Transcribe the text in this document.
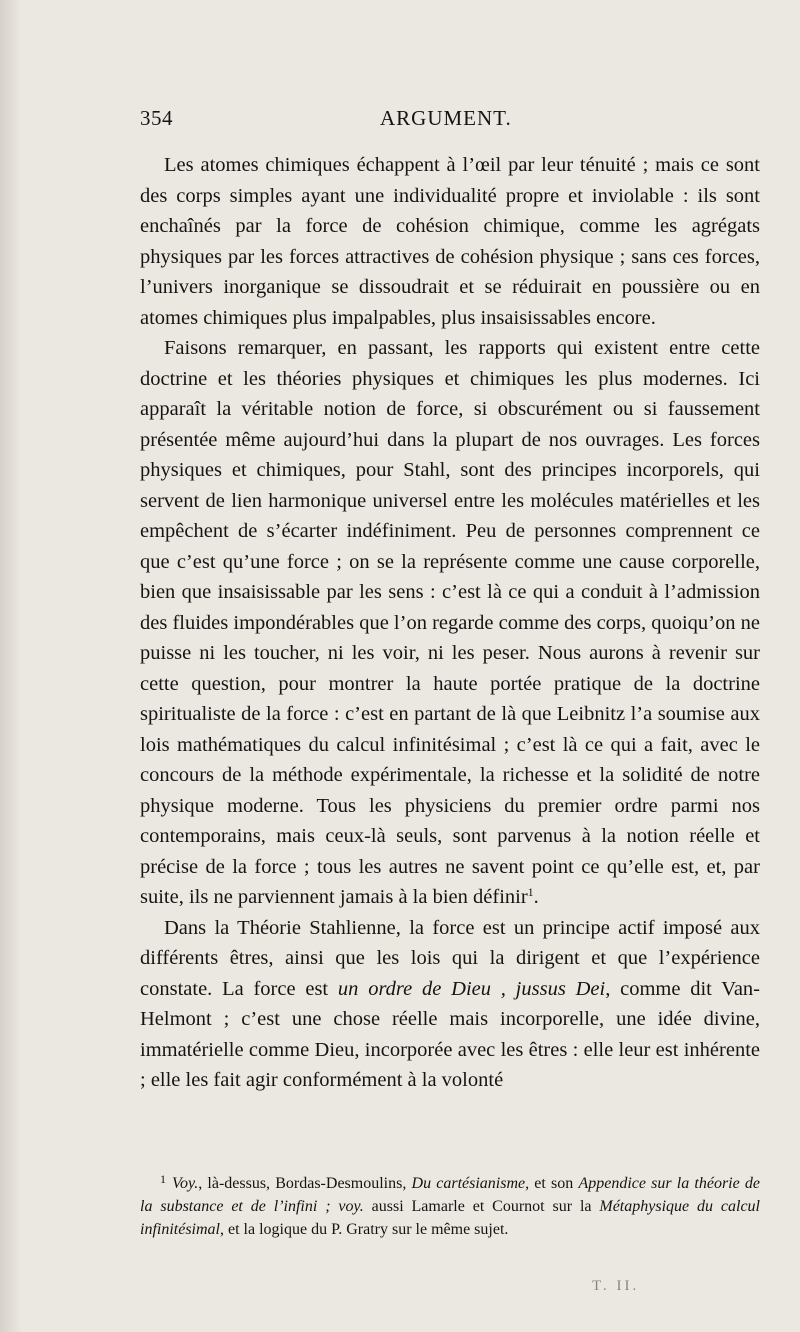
354	ARGUMENT.

Les atomes chimiques échappent à l’œil par leur ténuité ; mais ce sont des corps simples ayant une individualité propre et inviolable : ils sont enchaînés par la force de cohésion chimique, comme les agrégats physiques par les forces attractives de cohésion physique ; sans ces forces, l’univers inorganique se dissoudrait et se réduirait en poussière ou en atomes chimiques plus impalpables, plus insaisissables encore.

Faisons remarquer, en passant, les rapports qui existent entre cette doctrine et les théories physiques et chimiques les plus modernes. Ici apparaît la véritable notion de force, si obscurément ou si faussement présentée même aujourd’hui dans la plupart de nos ouvrages. Les forces physiques et chimiques, pour Stahl, sont des principes incorporels, qui servent de lien harmonique universel entre les molécules matérielles et les empêchent de s’écarter indéfiniment. Peu de personnes comprennent ce que c’est qu’une force ; on se la représente comme une cause corporelle, bien que insaisissable par les sens : c’est là ce qui a conduit à l’admission des fluides impondérables que l’on regarde comme des corps, quoiqu’on ne puisse ni les toucher, ni les voir, ni les peser. Nous aurons à revenir sur cette question, pour montrer la haute portée pratique de la doctrine spiritualiste de la force : c’est en partant de là que Leibnitz l’a soumise aux lois mathématiques du calcul infinitésimal ; c’est là ce qui a fait, avec le concours de la méthode expérimentale, la richesse et la solidité de notre physique moderne. Tous les physiciens du premier ordre parmi nos contemporains, mais ceux-là seuls, sont parvenus à la notion réelle et précise de la force ; tous les autres ne savent point ce qu’elle est, et, par suite, ils ne parviennent jamais à la bien définir$^1$.

Dans la Théorie Stahlienne, la force est un principe actif imposé aux différents êtres, ainsi que les lois qui la dirigent et que l’expérience constate. La force est un ordre de Dieu , jussus Dei, comme dit Van-Helmont ; c’est une chose réelle mais incorporelle, une idée divine, immatérielle comme Dieu, incorporée avec les êtres : elle leur est inhérente ; elle les fait agir conformément à la volonté

$^1$ Voy., là-dessus, Bordas-Desmoulins, Du cartésianisme, et son Appendice sur la théorie de la substance et de l’infini ; voy. aussi Lamarle et Cournot sur la Métaphysique du calcul infinitésimal, et la logique du P. Gratry sur le même sujet.
T. II.
